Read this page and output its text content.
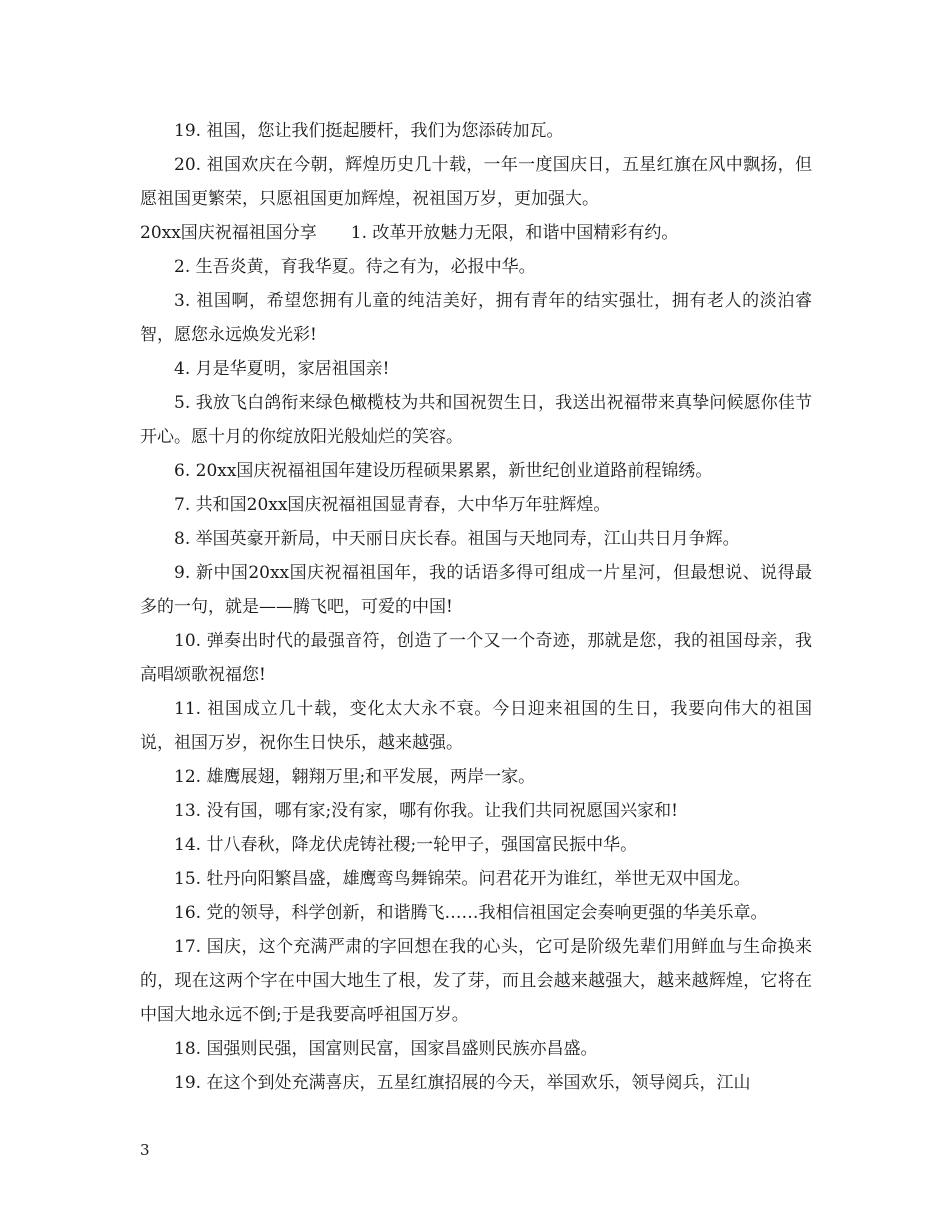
19. 祖国，您让我们挺起腰杆，我们为您添砖加瓦。

20. 祖国欢庆在今朝，辉煌历史几十载，一年一度国庆日，五星红旗在风中飘扬，但愿祖国更繁荣，只愿祖国更加辉煌，祝祖国万岁，更加强大。

20xx国庆祝福祖国分享　　1. 改革开放魅力无限，和谐中国精彩有约。

2. 生吾炎黄，育我华夏。待之有为，必报中华。

3. 祖国啊，希望您拥有儿童的纯洁美好，拥有青年的结实强壮，拥有老人的淡泊睿智，愿您永远焕发光彩!

4. 月是华夏明，家居祖国亲!

5. 我放飞白鸽衔来绿色橄榄枝为共和国祝贺生日，我送出祝福带来真挚问候愿你佳节开心。愿十月的你绽放阳光般灿烂的笑容。

6. 20xx国庆祝福祖国年建设历程硕果累累，新世纪创业道路前程锦绣。

7. 共和国20xx国庆祝福祖国显青春，大中华万年驻辉煌。

8. 举国英豪开新局，中天丽日庆长春。祖国与天地同寿，江山共日月争辉。

9. 新中国20xx国庆祝福祖国年，我的话语多得可组成一片星河，但最想说、说得最多的一句，就是——腾飞吧，可爱的中国!

10. 弹奏出时代的最强音符，创造了一个又一个奇迹，那就是您，我的祖国母亲，我高唱颂歌祝福您!

11. 祖国成立几十载，变化太大永不衰。今日迎来祖国的生日，我要向伟大的祖国说，祖国万岁，祝你生日快乐，越来越强。

12. 雄鹰展翅，翱翔万里;和平发展，两岸一家。

13. 没有国，哪有家;没有家，哪有你我。让我们共同祝愿国兴家和!

14. 廿八春秋，降龙伏虎铸社稷;一轮甲子，强国富民振中华。

15. 牡丹向阳繁昌盛，雄鹰鸾鸟舞锦荣。问君花开为谁红，举世无双中国龙。

16. 党的领导，科学创新，和谐腾飞……我相信祖国定会奏响更强的华美乐章。

17. 国庆，这个充满严肃的字回想在我的心头，它可是阶级先辈们用鲜血与生命换来的，现在这两个字在中国大地生了根，发了芽，而且会越来越强大，越来越辉煌，它将在中国大地永远不倒;于是我要高呼祖国万岁。

18. 国强则民强，国富则民富，国家昌盛则民族亦昌盛。

19. 在这个到处充满喜庆，五星红旗招展的今天，举国欢乐，领导阅兵，江山

3
